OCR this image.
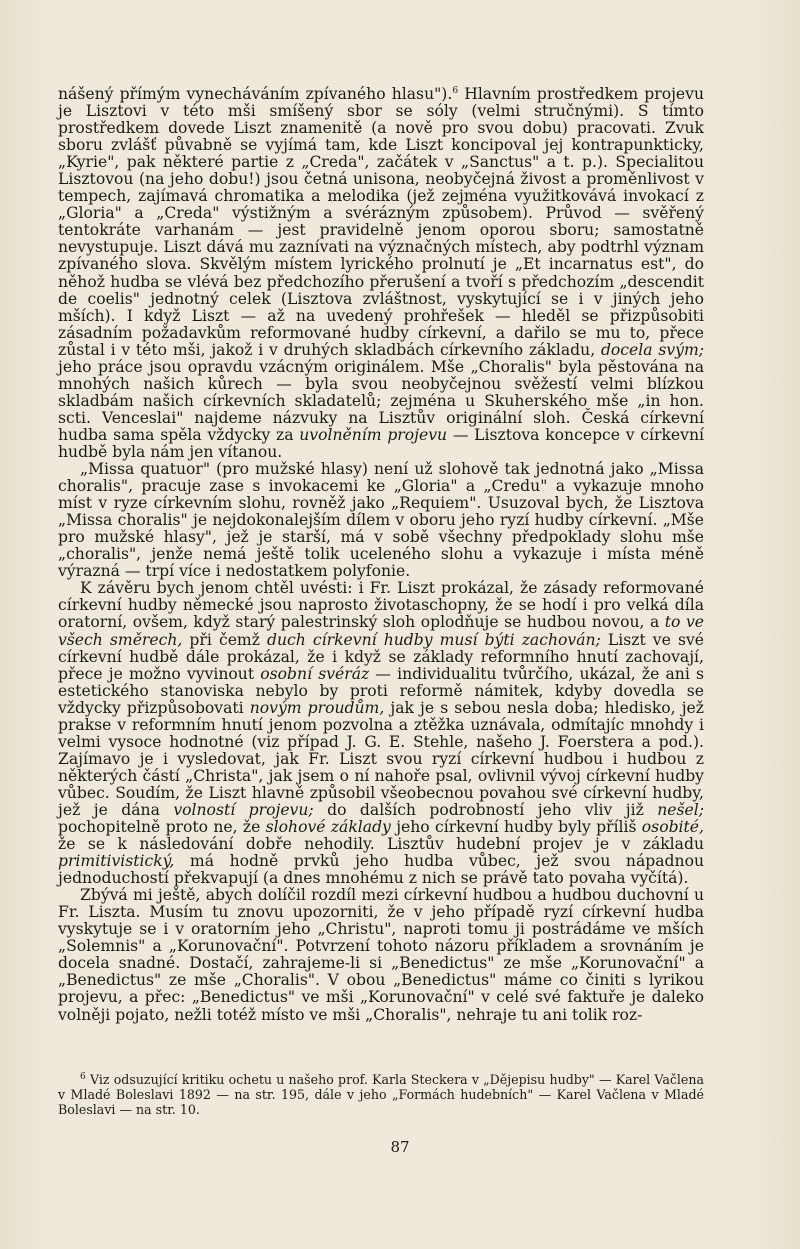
nášený přímým vynecháváním zpívaného hlasu").$^6$ Hlavním prostředkem projevu je Lisztovi v této mši smíšený sbor se sóly (velmi stručnými). S tímto prostředkem dovede Liszt znamenitě (a nově pro svou dobu) pracovati. Zvuk sboru zvlášť půvabně se vyjímá tam, kde Liszt koncipoval jej kontrapunkticky, „Kyrie", pak některé partie z „Creda", začátek v „Sanctus" a t. p.). Specialitou Lisztovou (na jeho dobu!) jsou četná unisona, neobyčejná živost a proměnlivost v tempech, zajímavá chromatika a melodika (jež zejména využitkovává invokací z „Gloria" a „Creda" výstižným a svérázným způsobem). Průvod — svěřený tentokráte varhanám — jest pravidelně jenom oporou sboru; samostatně nevystupuje. Liszt dává mu zaznívati na význačných místech, aby podtrhl význam zpívaného slova. Skvělým místem lyrického prolnutí je „Et incarnatus est", do něhož hudba se vlévá bez předchozího přerušení a tvoří s předchozím „descendit de coelis" jednotný celek (Lisztova zvláštnost, vyskytující se i v jiných jeho mších). I když Liszt — až na uvedený prohřešek — hleděl se přizpůsobiti zásadním požadavkům reformované hudby církevní, a dařilo se mu to, přece zůstal i v této mši, jakož i v druhých skladbách církevního základu, docela svým; jeho práce jsou opravdu vzácným originálem. Mše „Choralis" byla pěstována na mnohých našich kůrech — byla svou neobyčejnou svěžestí velmi blízkou skladbám našich církevních skladatelů; zejména u Skuherského mše „in hon. scti. Venceslai" najdeme názvuky na Lisztův originální sloh. Česká církevní hudba sama spěla vždycky za uvolněním projevu — Lisztova koncepce v církevní hudbě byla nám jen vítanou.

„Missa quatuor" (pro mužské hlasy) není už slohově tak jednotná jako „Missa choralis", pracuje zase s invokacemi ke „Gloria" a „Credu" a vykazuje mnoho míst v ryze církevním slohu, rovněž jako „Requiem". Usuzoval bych, že Lisztova „Missa choralis" je nejdokonalejším dílem v oboru jeho ryzí hudby církevní. „Mše pro mužské hlasy", jež je starší, má v sobě všechny předpoklady slohu mše „choralis", jenže nemá ještě tolik uceleného slohu a vykazuje i místa méně výrazná — trpí více i nedostatkem polyfonie.

K závěru bych jenom chtěl uvésti: i Fr. Liszt prokázal, že zásady reformované církevní hudby německé jsou naprosto životaschopny, že se hodí i pro velká díla oratorní, ovšem, když starý palestrinský sloh oplodňuje se hudbou novou, a to ve všech směrech, při čemž duch církevní hudby musí býti zachován; Liszt ve své církevní hudbě dále prokázal, že i když se základy reformního hnutí zachovají, přece je možno vyvinout osobní svéráz — individualitu tvůrčího, ukázal, že ani s estetického stanoviska nebylo by proti reformě námitek, kdyby dovedla se vždycky přizpůsobovati novým proudům, jak je s sebou nesla doba; hledisko, jež prakse v reformním hnutí jenom pozvolna a ztěžka uznávala, odmítajíc mnohdy i velmi vysoce hodnotné (viz případ J. G. E. Stehle, našeho J. Foerstera a pod.). Zajímavo je i vysledovat, jak Fr. Liszt svou ryzí církevní hudbou i hudbou z některých částí „Christa", jak jsem o ní nahoře psal, ovlivnil vývoj církevní hudby vůbec. Soudím, že Liszt hlavně způsobil všeobecnou povahou své církevní hudby, jež je dána volností projevu; do dalších podrobností jeho vliv již nešel; pochopitelně proto ne, že slohové základy jeho církevní hudby byly příliš osobité, že se k následování dobře nehodily. Lisztův hudební projev je v základu primitivistický, má hodně prvků jeho hudba vůbec, jež svou nápadnou jednoduchostí překvapují (a dnes mnohému z nich se právě tato povaha vyčítá).

Zbývá mi ještě, abych dolíčil rozdíl mezi církevní hudbou a hudbou duchovní u Fr. Liszta. Musím tu znovu upozorniti, že v jeho případě ryzí církevní hudba vyskytuje se i v oratorním jeho „Christu", naproti tomu ji postrádáme ve mších „Solemnis" a „Korunovační". Potvrzení tohoto názoru příkladem a srovnáním je docela snadné. Dostačí, zahrajeme-li si „Benedictus" ze mše „Korunovační" a „Benedictus" ze mše „Choralis". V obou „Benedictus" máme co činiti s lyrikou projevu, a přec: „Benedictus" ve mši „Korunovační" v celé své faktuře je daleko volněji pojato, nežli totéž místo ve mši „Choralis", nehraje tu ani tolik roz-

$^6$ Viz odsuzující kritiku ochetu u našeho prof. Karla Steckera v „Dějepisu hudby" — Karel Vačlena v Mladé Boleslavi 1892 — na str. 195, dále v jeho „Formách hudebních" — Karel Vačlena v Mladé Boleslavi — na str. 10.

87
